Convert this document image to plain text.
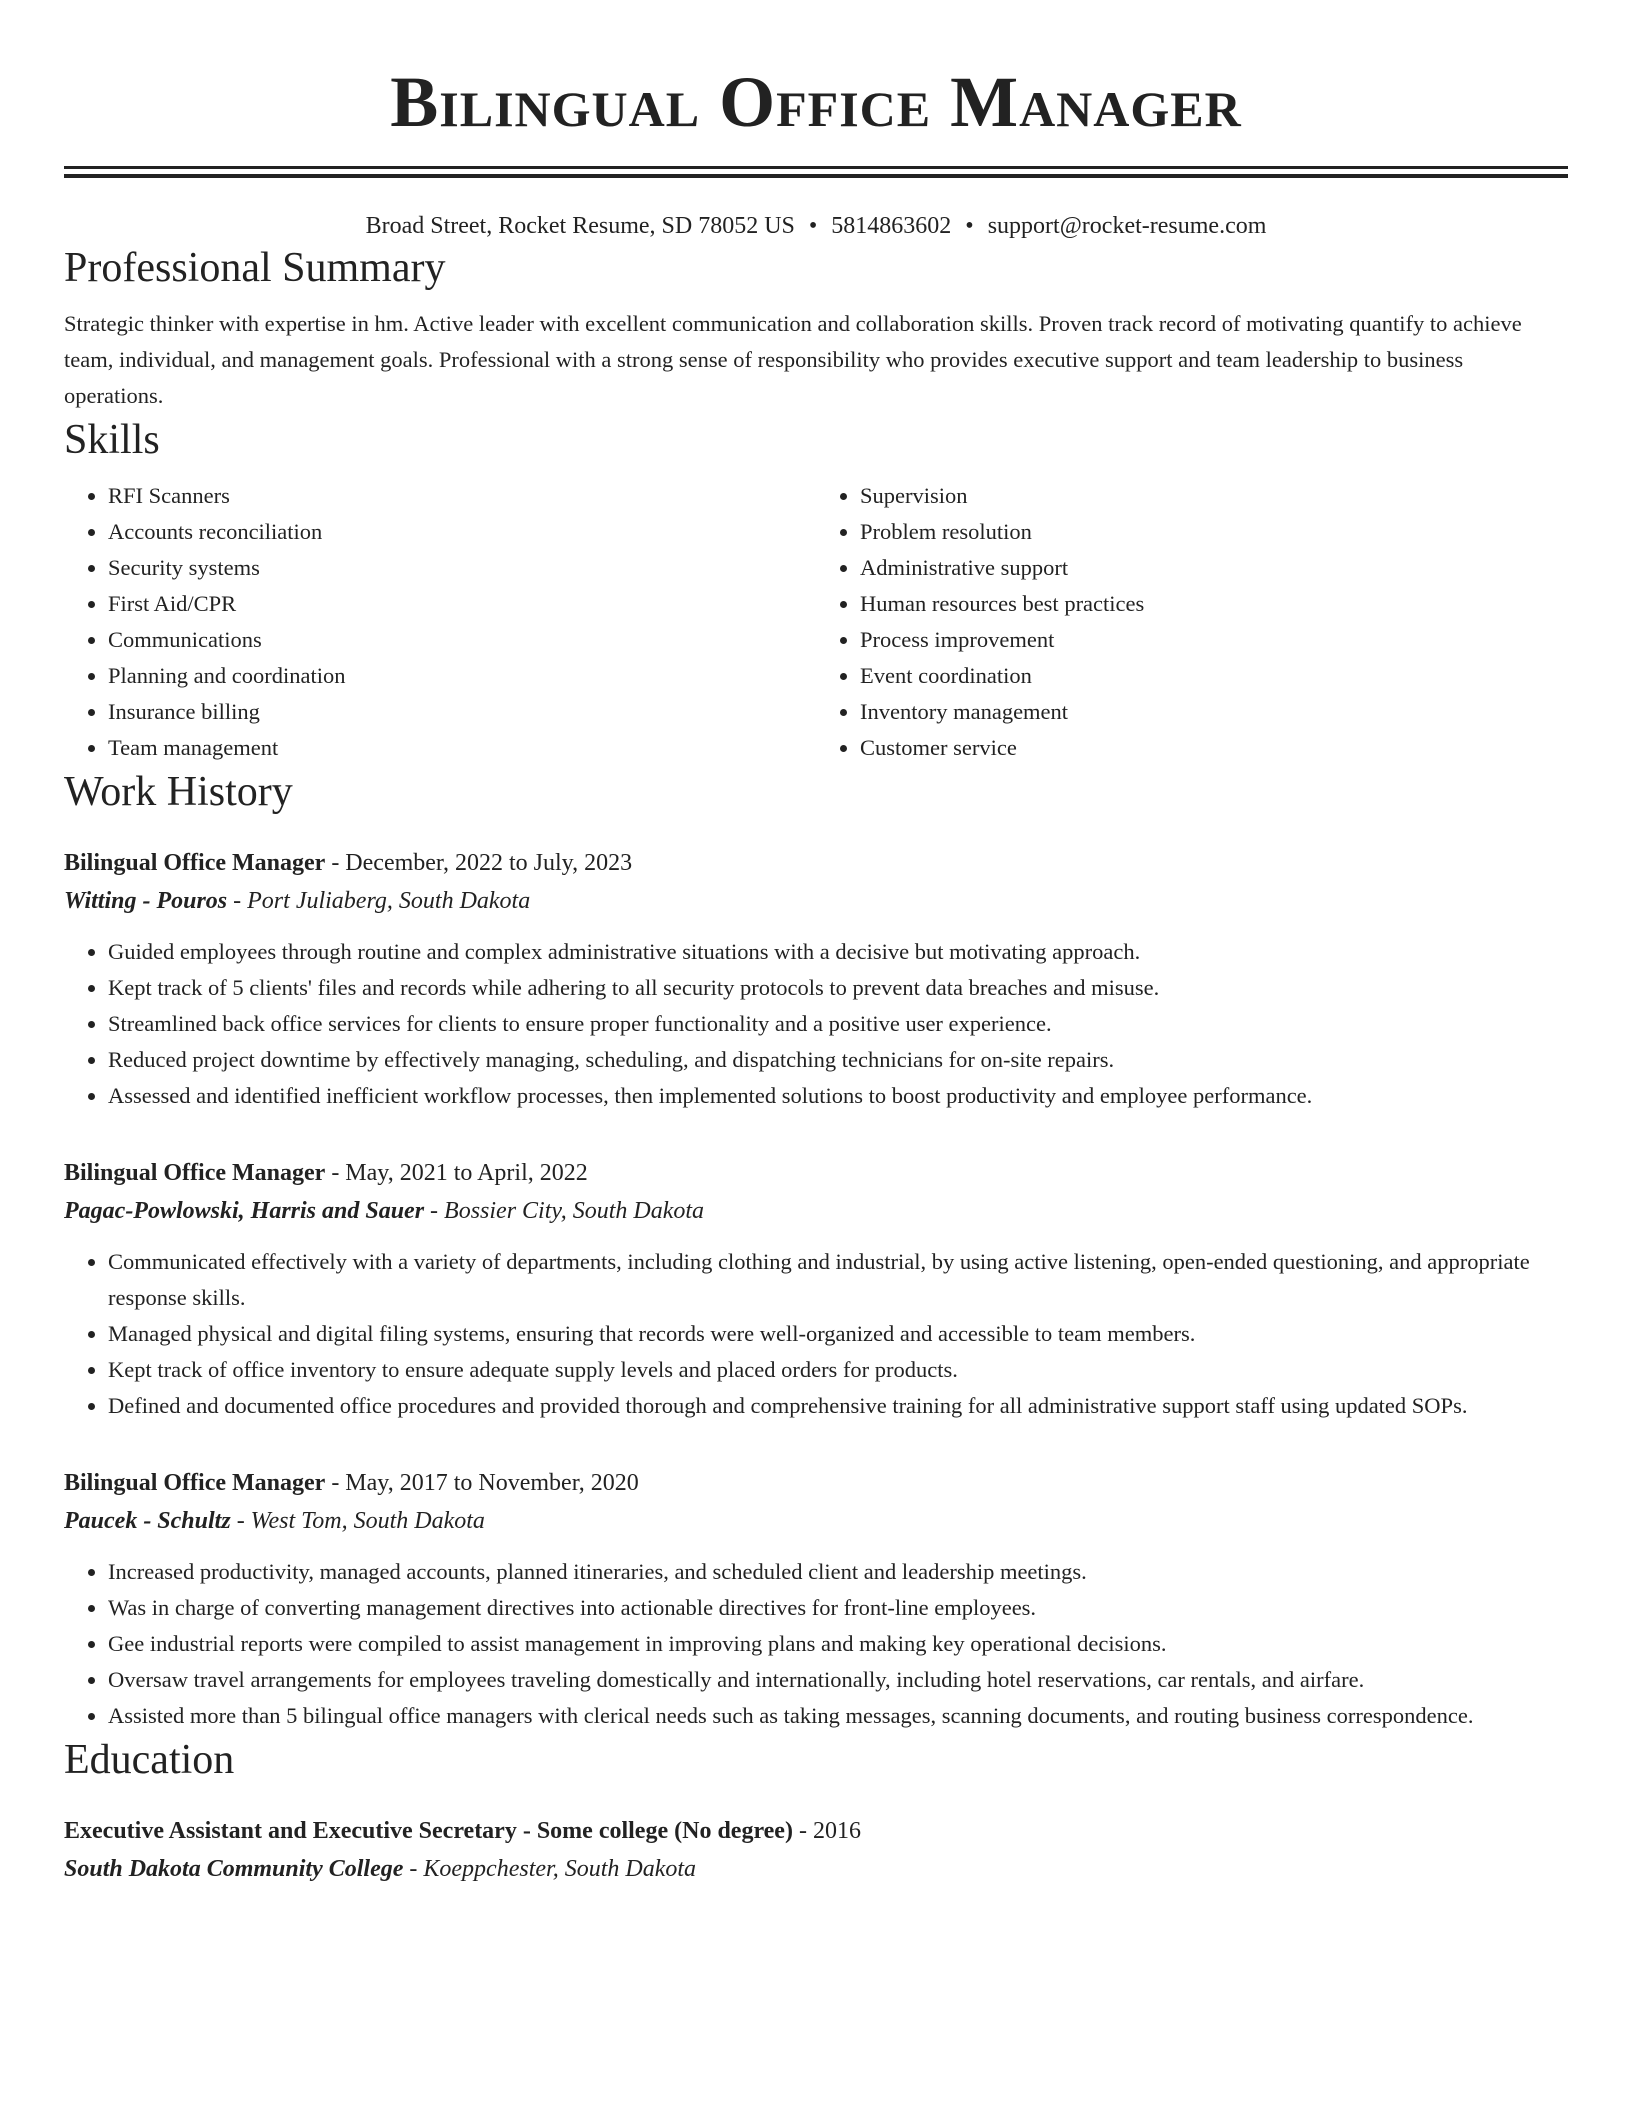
Bilingual Office Manager
Broad Street, Rocket Resume, SD 78052 US • 5814863602 • support@rocket-resume.com
Professional Summary

Strategic thinker with expertise in hm. Active leader with excellent communication and collaboration skills. Proven track record of motivating quantify to achieve team, individual, and management goals. Professional with a strong sense of responsibility who provides executive support and team leadership to business operations.

Skills
• RFI Scanners
• Accounts reconciliation
• Security systems
• First Aid/CPR
• Communications
• Planning and coordination
• Insurance billing
• Team management
• Supervision
• Problem resolution
• Administrative support
• Human resources best practices
• Process improvement
• Event coordination
• Inventory management
• Customer service
Work History
Bilingual Office Manager - December, 2022 to July, 2023
Witting - Pouros - Port Juliaberg, South Dakota
• Guided employees through routine and complex administrative situations with a decisive but motivating approach.
• Kept track of 5 clients' files and records while adhering to all security protocols to prevent data breaches and misuse.
• Streamlined back office services for clients to ensure proper functionality and a positive user experience.
• Reduced project downtime by effectively managing, scheduling, and dispatching technicians for on-site repairs.
• Assessed and identified inefficient workflow processes, then implemented solutions to boost productivity and employee performance.
Bilingual Office Manager - May, 2021 to April, 2022
Pagac-Powlowski, Harris and Sauer - Bossier City, South Dakota
• Communicated effectively with a variety of departments, including clothing and industrial, by using active listening, open-ended questioning, and appropriate response skills.
• Managed physical and digital filing systems, ensuring that records were well-organized and accessible to team members.
• Kept track of office inventory to ensure adequate supply levels and placed orders for products.
• Defined and documented office procedures and provided thorough and comprehensive training for all administrative support staff using updated SOPs.
Bilingual Office Manager - May, 2017 to November, 2020
Paucek - Schultz - West Tom, South Dakota
• Increased productivity, managed accounts, planned itineraries, and scheduled client and leadership meetings.
• Was in charge of converting management directives into actionable directives for front-line employees.
• Gee industrial reports were compiled to assist management in improving plans and making key operational decisions.
• Oversaw travel arrangements for employees traveling domestically and internationally, including hotel reservations, car rentals, and airfare.
• Assisted more than 5 bilingual office managers with clerical needs such as taking messages, scanning documents, and routing business correspondence.
Education
Executive Assistant and Executive Secretary - Some college (No degree) - 2016
South Dakota Community College - Koeppchester, South Dakota
